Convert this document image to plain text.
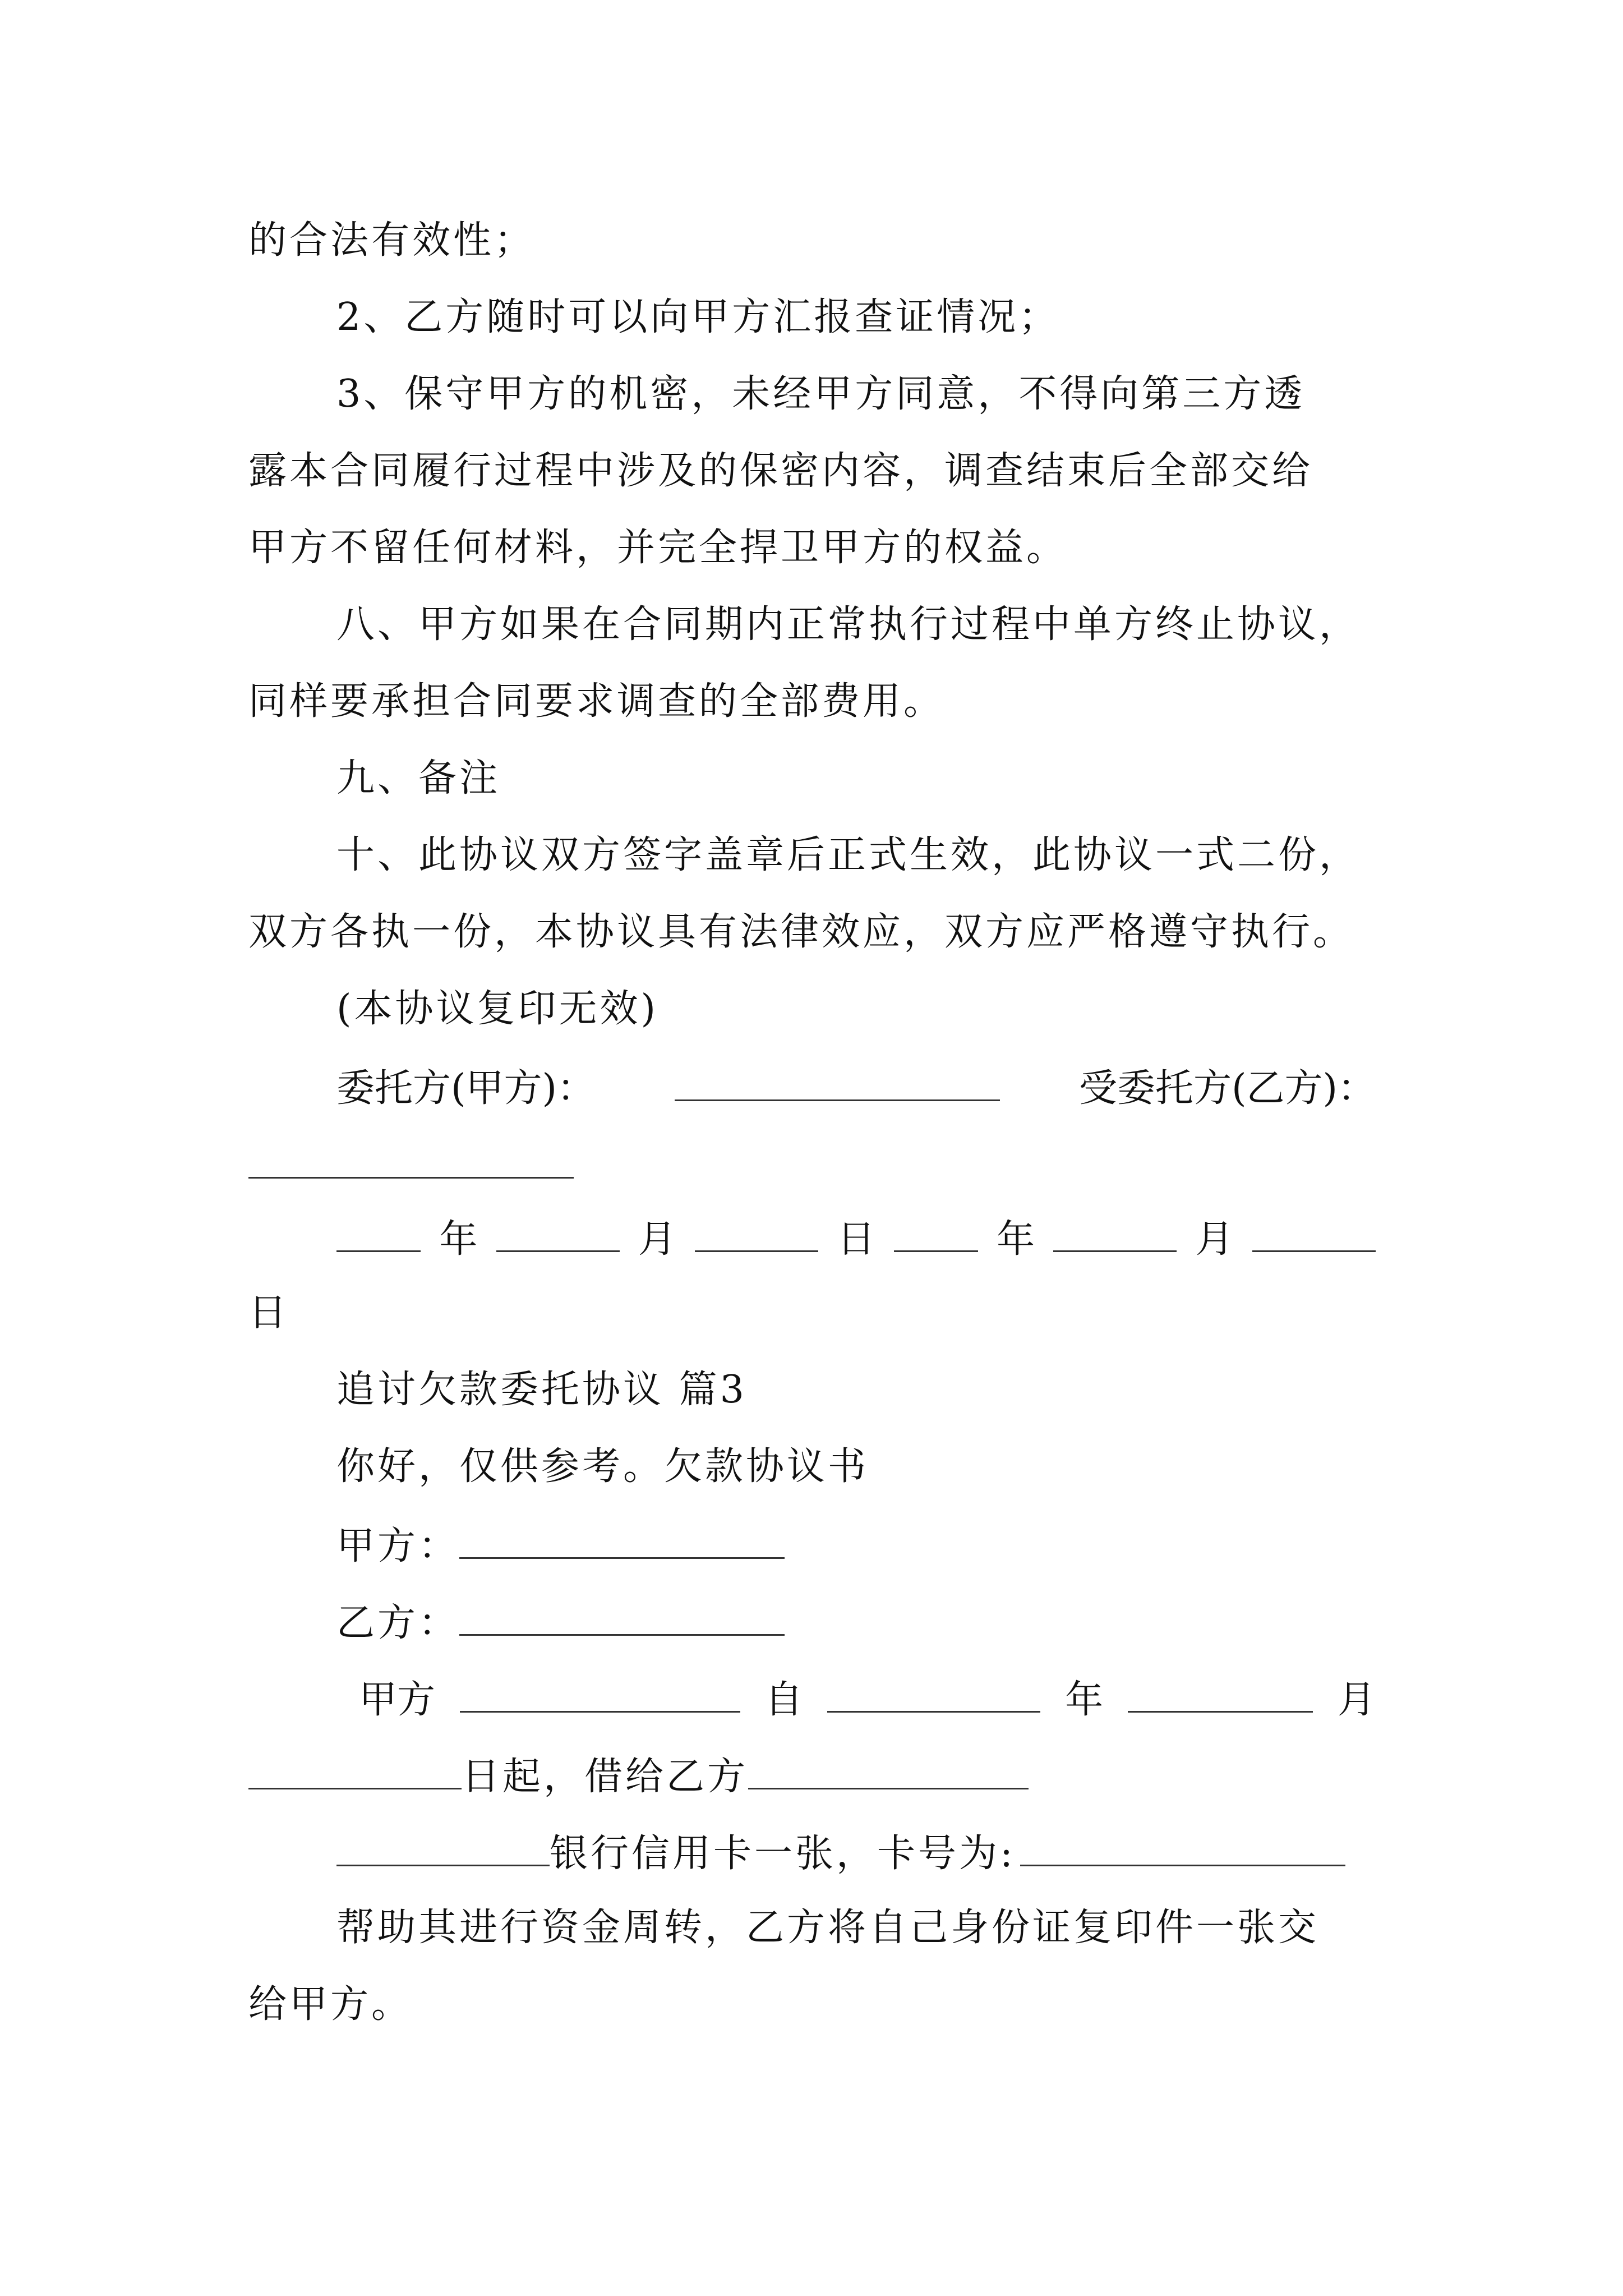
的合法有效性；
2、乙方随时可以向甲方汇报查证情况；
3、保守甲方的机密，未经甲方同意，不得向第三方透
露本合同履行过程中涉及的保密内容，调查结束后全部交给
甲方不留任何材料，并完全捍卫甲方的权益。
八、甲方如果在合同期内正常执行过程中单方终止协议，
同样要承担合同要求调查的全部费用。
九、备注
十、此协议双方签字盖章后正式生效，此协议一式二份，
双方各执一份，本协议具有法律效应，双方应严格遵守执行。
(本协议复印无效)
委托方(甲方)：	受委托方(乙方)：
年	月	日	年	月
日
追讨欠款委托协议 篇3
你好，仅供参考。欠款协议书
甲方：
乙方：
甲方	自	年	月
日起，借给乙方
银行信用卡一张，卡号为:
帮助其进行资金周转，乙方将自己身份证复印件一张交
给甲方。
